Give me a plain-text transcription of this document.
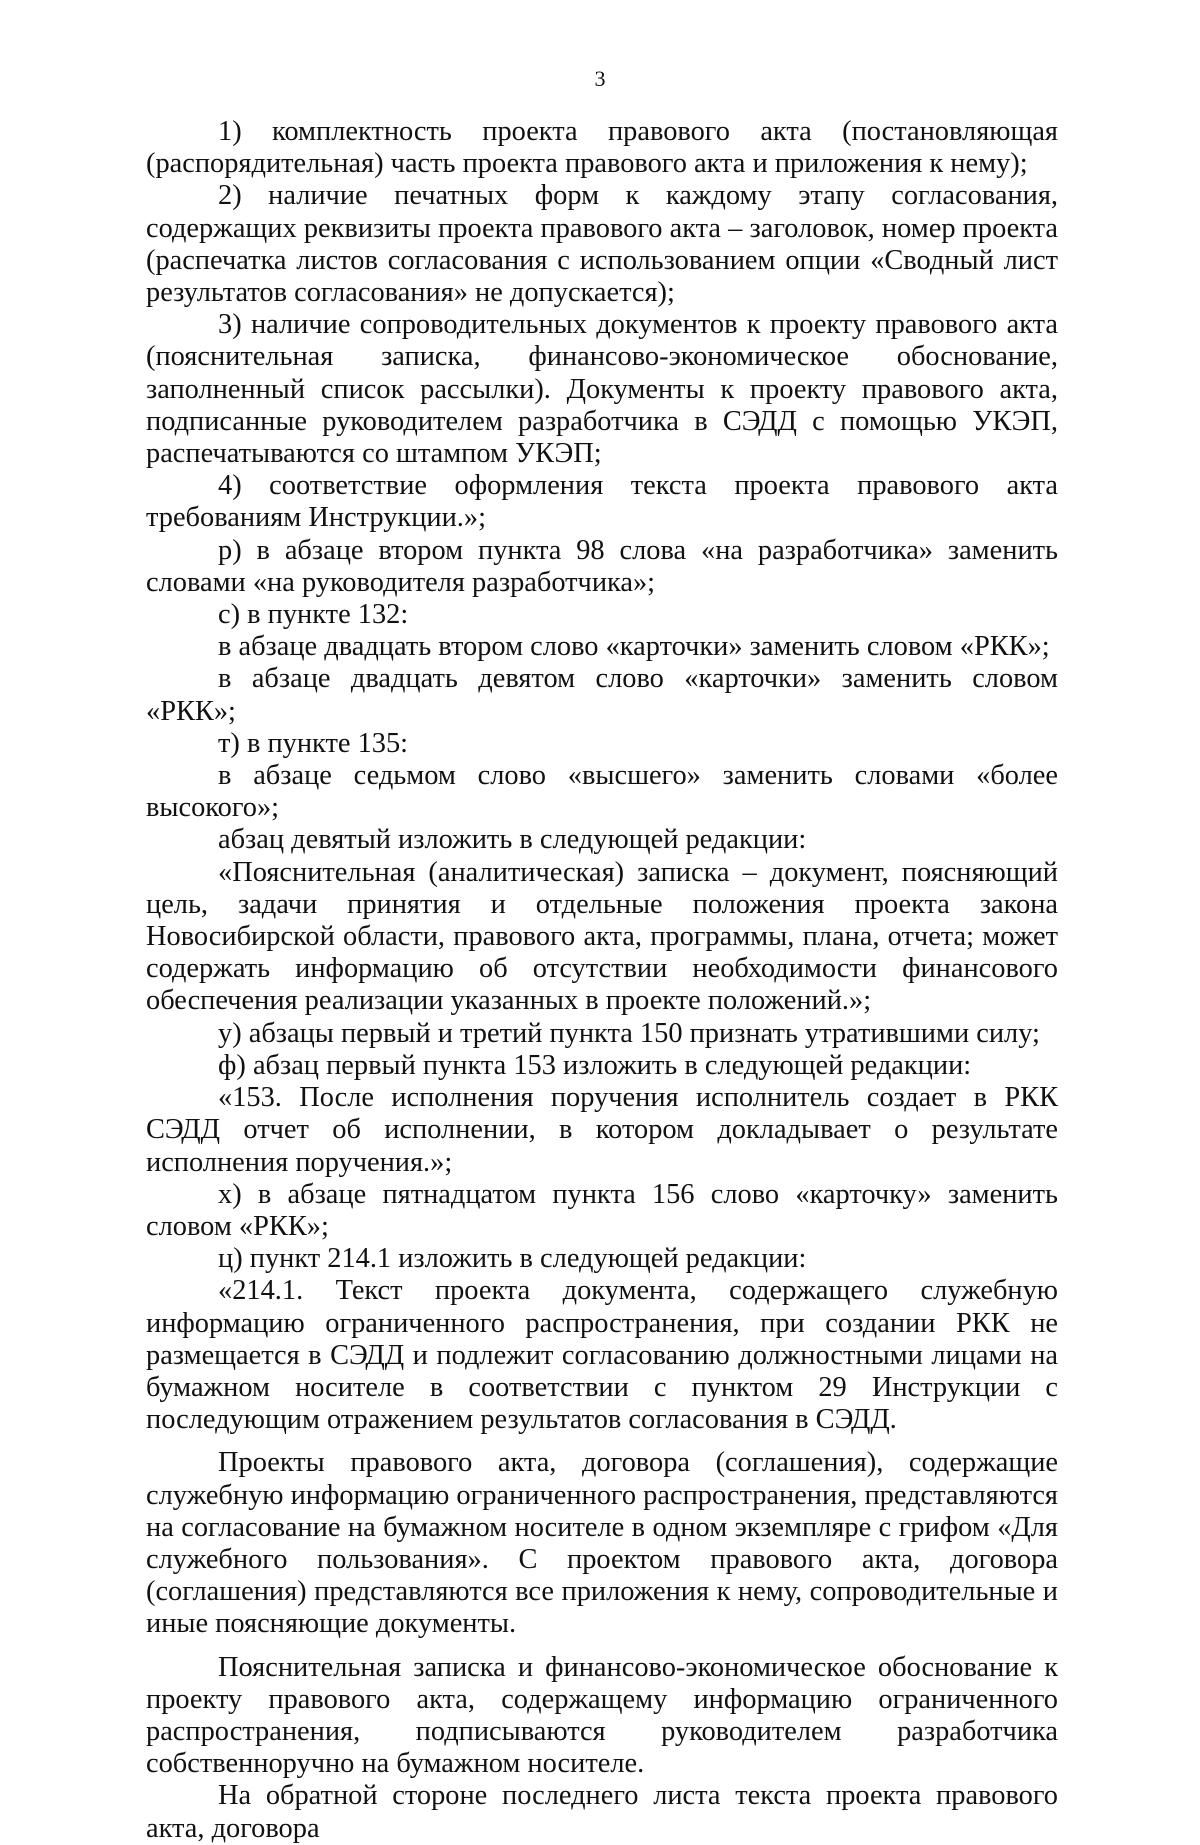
3

1) комплектность проекта правового акта (постановляющая (распорядительная) часть проекта правового акта и приложения к нему);

2) наличие печатных форм к каждому этапу согласования, содержащих реквизиты проекта правового акта – заголовок, номер проекта (распечатка листов согласования с использованием опции «Сводный лист результатов согласования» не допускается);

3) наличие сопроводительных документов к проекту правового акта (пояснительная записка, финансово-экономическое обоснование, заполненный список рассылки). Документы к проекту правового акта, подписанные руководителем разработчика в СЭДД с помощью УКЭП, распечатываются со штампом УКЭП;

4) соответствие оформления текста проекта правового акта требованиям Инструкции.»;

р) в абзаце втором пункта 98 слова «на разработчика» заменить словами «на руководителя разработчика»;

с) в пункте 132:

в абзаце двадцать втором слово «карточки» заменить словом «РКК»;

в абзаце двадцать девятом слово «карточки» заменить словом «РКК»;

т) в пункте 135:

в абзаце седьмом слово «высшего» заменить словами «более высокого»;

абзац девятый изложить в следующей редакции:

«Пояснительная (аналитическая) записка – документ, поясняющий цель, задачи принятия и отдельные положения проекта закона Новосибирской области, правового акта, программы, плана, отчета; может содержать информацию об отсутствии необходимости финансового обеспечения реализации указанных в проекте положений.»;

у) абзацы первый и третий пункта 150 признать утратившими силу;

ф) абзац первый пункта 153 изложить в следующей редакции:

«153. После исполнения поручения исполнитель создает в РКК СЭДД отчет об исполнении, в котором докладывает о результате исполнения поручения.»;

х) в абзаце пятнадцатом пункта 156 слово «карточку» заменить словом «РКК»;

ц) пункт 214.1 изложить в следующей редакции:

«214.1. Текст проекта документа, содержащего служебную информацию ограниченного распространения, при создании РКК не размещается в СЭДД и подлежит согласованию должностными лицами на бумажном носителе в соответствии с пунктом 29 Инструкции с последующим отражением результатов согласования в СЭДД.

Проекты правового акта, договора (соглашения), содержащие служебную информацию ограниченного распространения, представляются на согласование на бумажном носителе в одном экземпляре с грифом «Для служебного пользования». С проектом правового акта, договора (соглашения) представляются все приложения к нему, сопроводительные и иные поясняющие документы.

Пояснительная записка и финансово-экономическое обоснование к проекту правового акта, содержащему информацию ограниченного распространения, подписываются руководителем разработчика собственноручно на бумажном носителе.

На обратной стороне последнего листа текста проекта правового акта, договора
